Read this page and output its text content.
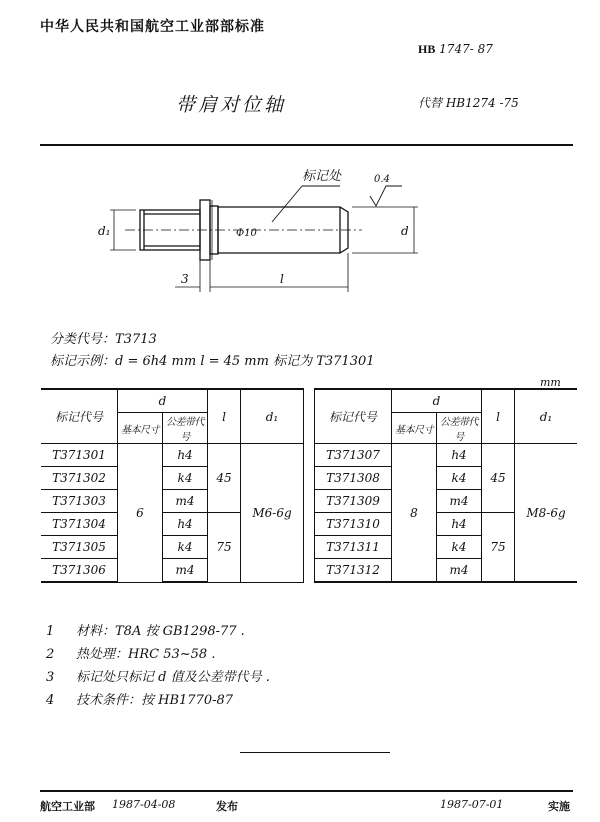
中华人民共和国航空工业部部标准
HB 1747- 87
带肩对位轴	代替 HB1274 -75
标记处	0.4
d₁	Φ10	d
3	l
分类代号：T3713
标记示例：d = 6h4 mm l = 45 mm 标记为 T371301
mm
标记代号	d		l	d₁
	基本尺寸	公差带代号		
T371301	6	h4	45	M6-6g
T371302		k4		
T371303		m4		
T371304		h4	75	
T371305		k4		
T371306		m4		
标记代号	d		l	d₁
	基本尺寸	公差带代号		
T371307	8	h4	45	M8-6g
T371308		k4		
T371309		m4		
T371310		h4	75	
T371311		k4		
T371312		m4		
1 材料：T8A 按 GB1298-77 .
2 热处理：HRC 53~58 .
3 标记处只标记 d 值及公差带代号 .
4 技术条件：按 HB1770-87
航空工业部 1987-04-08	发布	1987-07-01	实施
